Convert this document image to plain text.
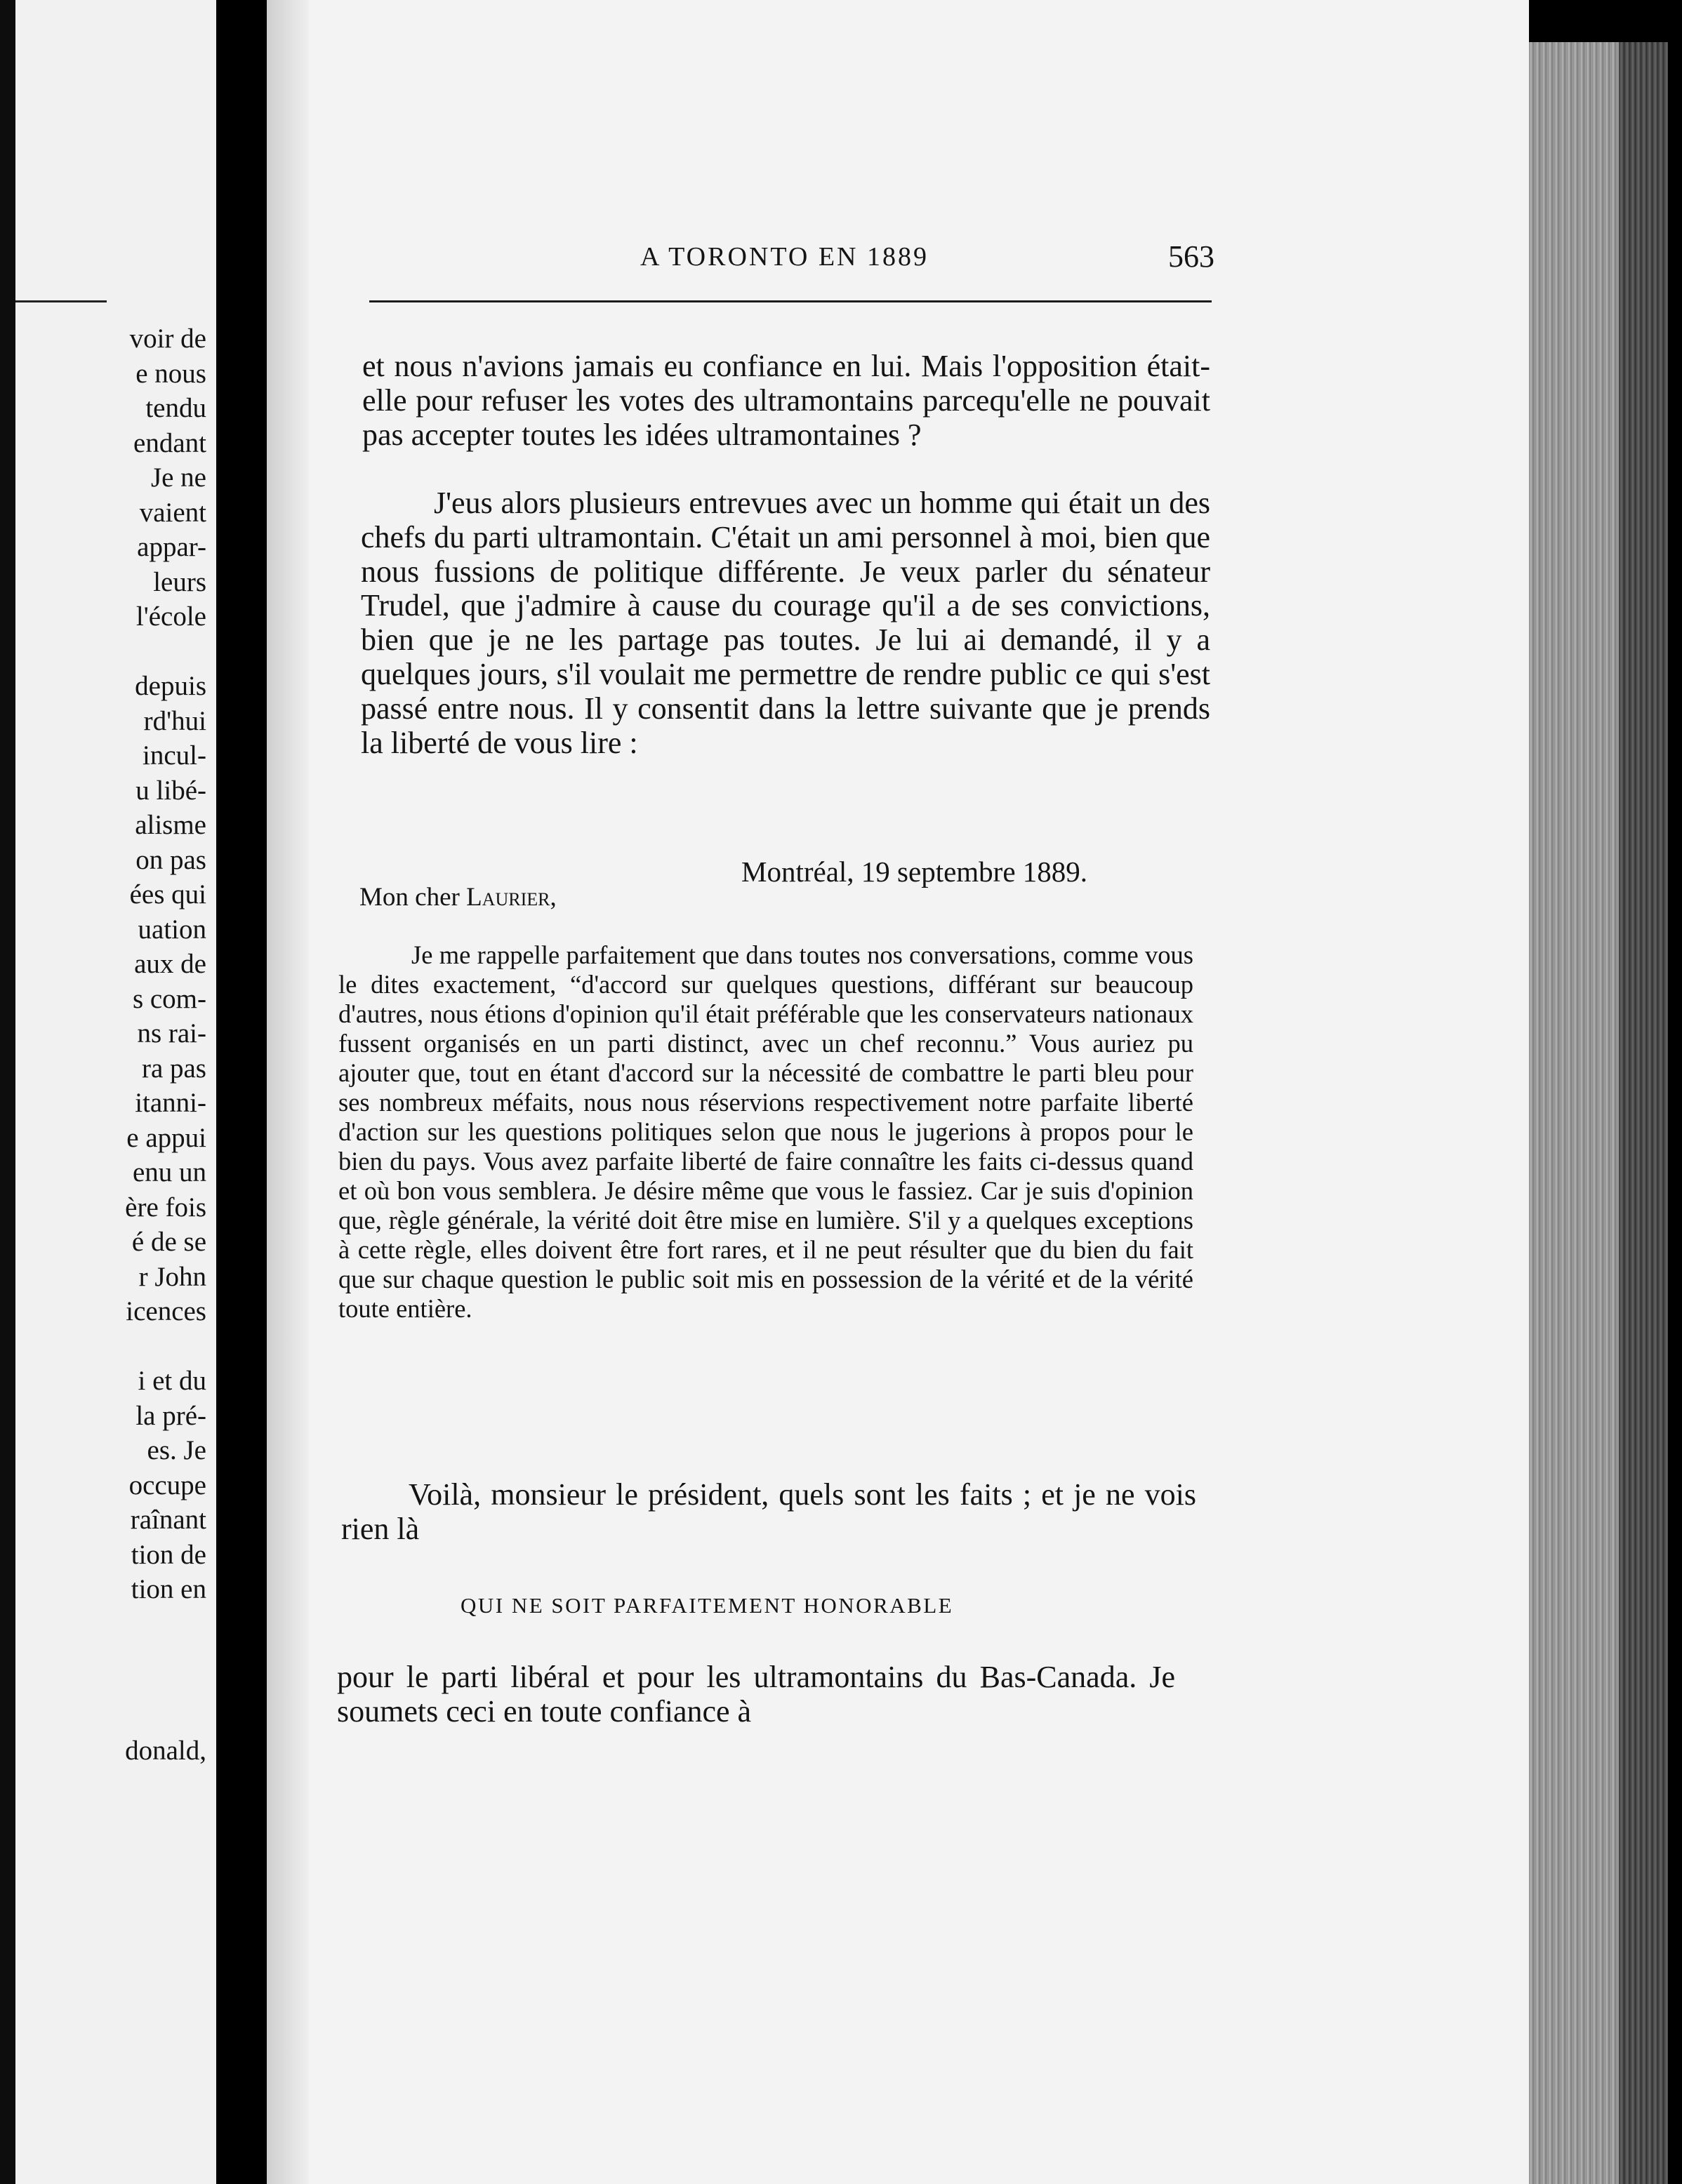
voir de
e nous
tendu
endant
Je ne
vaient
appar-
leurs
l'école
depuis
rd'hui
incul-
u libé-
alisme
on pas
ées qui
uation
aux de
s com-
ns rai-
ra pas
itanni-
e appui
enu un
ère fois
é de se
r John
icences
i et du
la pré-
es. Je
occupe
raînant
tion de
tion en
donald,
A TORONTO EN 1889	563

et nous n'avions jamais eu confiance en lui. Mais l'opposition était-elle pour refuser les votes des ultramontains parcequ'elle ne pouvait pas accepter toutes les idées ultramontaines ?

J'eus alors plusieurs entrevues avec un homme qui était un des chefs du parti ultramontain. C'était un ami personnel à moi, bien que nous fussions de politique différente. Je veux parler du sénateur Trudel, que j'admire à cause du courage qu'il a de ses convictions, bien que je ne les partage pas toutes. Je lui ai demandé, il y a quelques jours, s'il voulait me permettre de rendre public ce qui s'est passé entre nous. Il y consentit dans la lettre suivante que je prends la liberté de vous lire :

Montréal, 19 septembre 1889.
Mon cher Laurier,

Je me rappelle parfaitement que dans toutes nos conversations, comme vous le dites exactement, “d'accord sur quelques questions, différant sur beaucoup d'autres, nous étions d'opinion qu'il était préférable que les conservateurs nationaux fussent organisés en un parti distinct, avec un chef reconnu.” Vous auriez pu ajouter que, tout en étant d'accord sur la nécessité de combattre le parti bleu pour ses nombreux méfaits, nous nous réservions respectivement notre parfaite liberté d'action sur les questions politiques selon que nous le jugerions à propos pour le bien du pays. Vous avez parfaite liberté de faire connaître les faits ci-dessus quand et où bon vous semblera. Je désire même que vous le fassiez. Car je suis d'opinion que, règle générale, la vérité doit être mise en lumière. S'il y a quelques exceptions à cette règle, elles doivent être fort rares, et il ne peut résulter que du bien du fait que sur chaque question le public soit mis en possession de la vérité et de la vérité toute entière.

Voilà, monsieur le président, quels sont les faits ; et je ne vois rien là

QUI NE SOIT PARFAITEMENT HONORABLE

pour le parti libéral et pour les ultramontains du Bas-Canada. Je soumets ceci en toute confiance à
